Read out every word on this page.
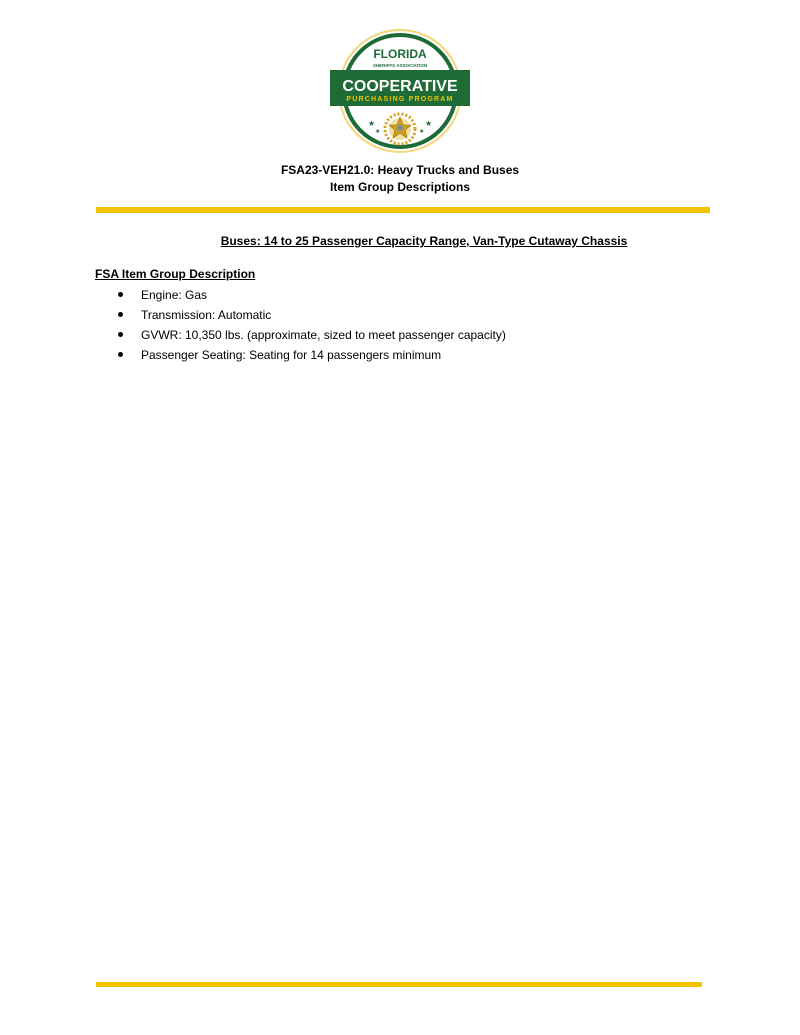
FLORIDA
SHERIFFS ASSOCIATION
COOPERATIVE
PURCHASING PROGRAM
★
★
★
★
FSA23-VEH21.0: Heavy Trucks and Buses
Item Group Descriptions
Buses: 14 to 25 Passenger Capacity Range, Van-Type Cutaway Chassis
FSA Item Group Description
Engine: Gas
Transmission: Automatic
GVWR: 10,350 lbs. (approximate, sized to meet passenger capacity)
Passenger Seating: Seating for 14 passengers minimum
